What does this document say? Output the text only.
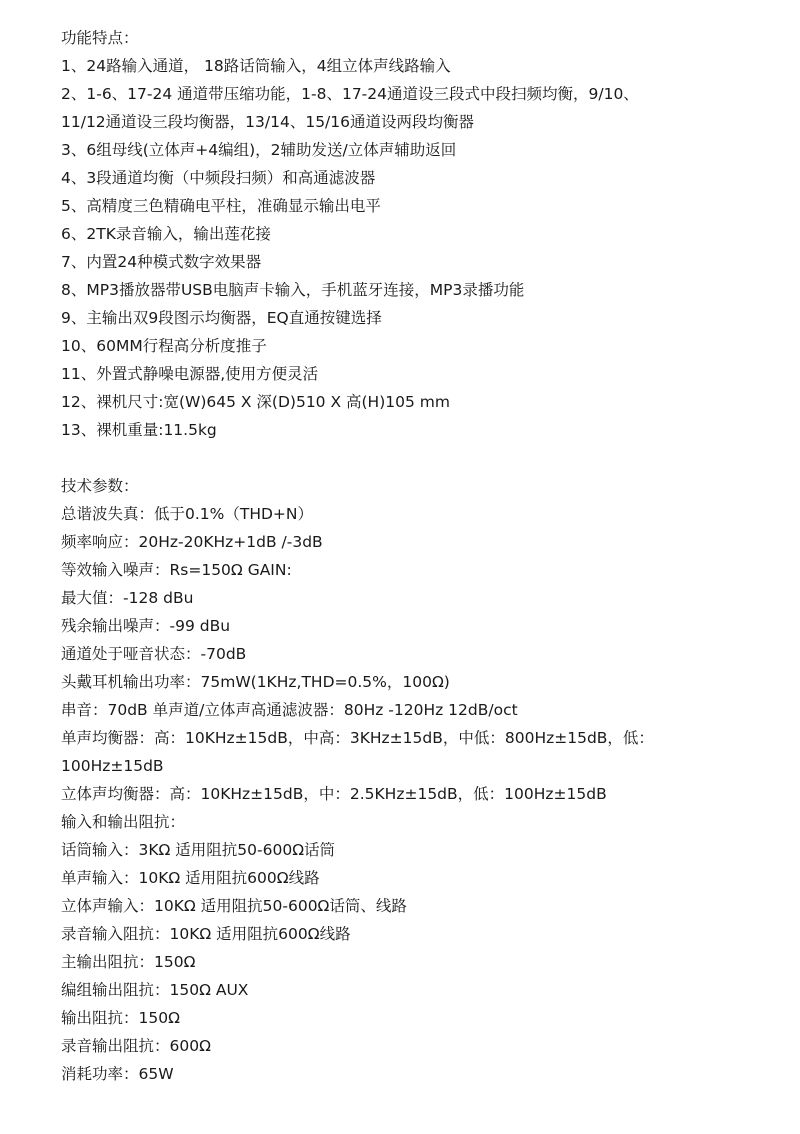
功能特点：
1、24路输入通道， 18路话筒输入，4组立体声线路输入
2、1-6、17-24 通道带压缩功能，1-8、17-24通道设三段式中段扫频均衡，9/10、
11/12通道设三段均衡器，13/14、15/16通道设两段均衡器
3、6组母线(立体声+4编组)，2辅助发送/立体声辅助返回
4、3段通道均衡（中频段扫频）和高通滤波器
5、高精度三色精确电平柱，准确显示输出电平
6、2TK录音输入，输出莲花接
7、内置24种模式数字效果器
8、MP3播放器带USB电脑声卡输入，手机蓝牙连接，MP3录播功能
9、主输出双9段图示均衡器，EQ直通按键选择
10、60MM行程高分析度推子
11、外置式静噪电源器,使用方便灵活
12、裸机尺寸:宽(W)645 X 深(D)510 X 高(H)105 mm
13、裸机重量:11.5kg
技术参数：
总谐波失真：低于0.1%（THD+N）
频率响应：20Hz-20KHz+1dB /-3dB
等效输入噪声：Rs=150Ω GAIN:
最大值：-128 dBu
残余输出噪声：-99 dBu
通道处于哑音状态：-70dB
头戴耳机输出功率：75mW(1KHz,THD=0.5%，100Ω)
串音：70dB 单声道/立体声高通滤波器：80Hz -120Hz 12dB/oct
单声均衡器：高：10KHz±15dB，中高：3KHz±15dB，中低：800Hz±15dB，低：
100Hz±15dB
立体声均衡器：高：10KHz±15dB，中：2.5KHz±15dB，低：100Hz±15dB
输入和输出阻抗：
话筒输入：3KΩ 适用阻抗50-600Ω话筒
单声输入：10KΩ 适用阻抗600Ω线路
立体声输入：10KΩ 适用阻抗50-600Ω话筒、线路
录音输入阻抗：10KΩ 适用阻抗600Ω线路
主输出阻抗：150Ω
编组输出阻抗：150Ω AUX
输出阻抗：150Ω
录音输出阻抗：600Ω
消耗功率：65W
